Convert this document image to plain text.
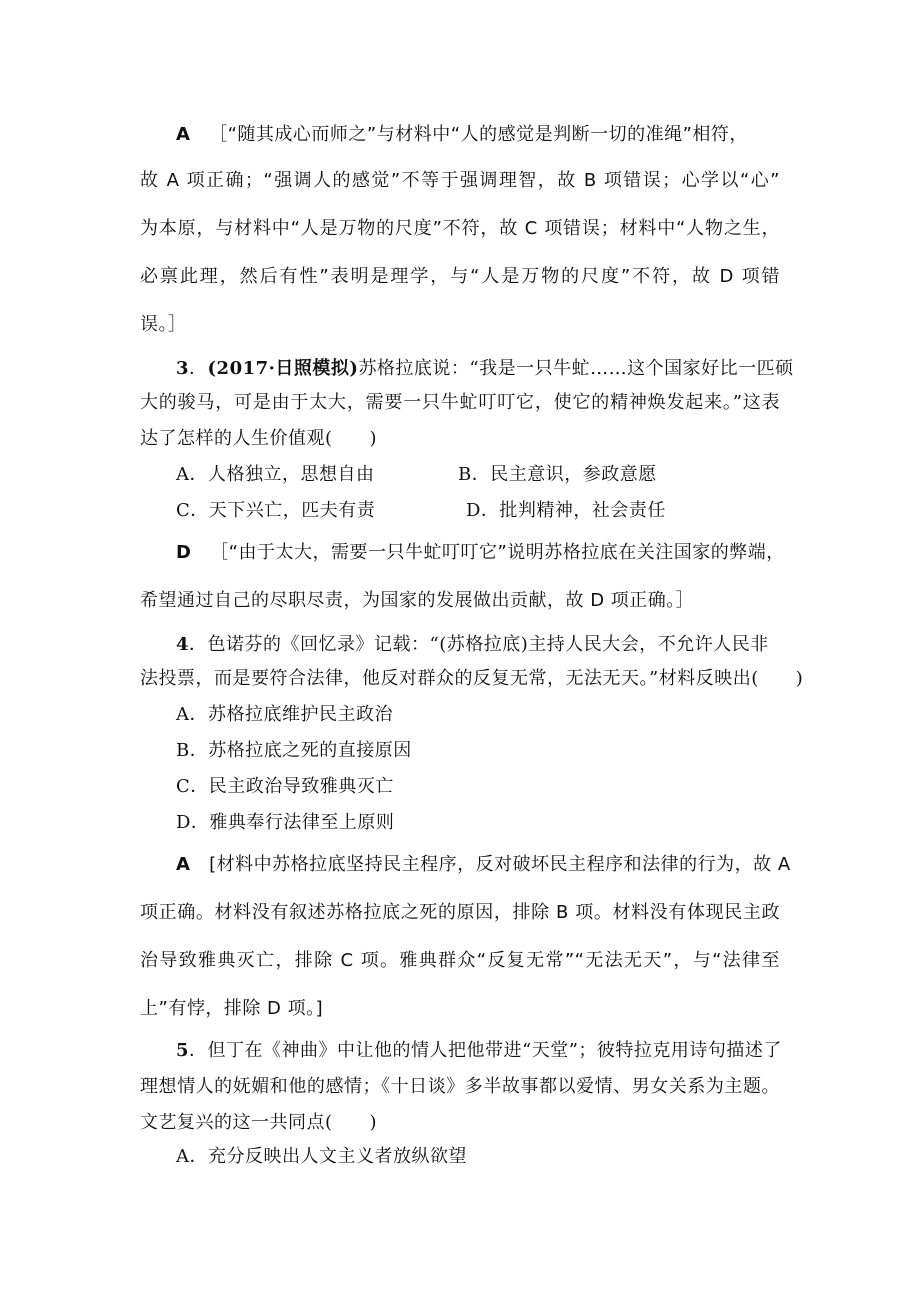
A ［“随其成心而师之”与材料中“人的感觉是判断一切的准绳”相符，
故 A 项正确；“强调人的感觉”不等于强调理智，故 B 项错误；心学以“心”
为本原，与材料中“人是万物的尺度”不符，故 C 项错误；材料中“人物之生，
必禀此理，然后有性”表明是理学，与“人是万物的尺度”不符，故 D 项错
误。］
3．(2017·日照模拟)苏格拉底说：“我是一只牛虻……这个国家好比一匹硕
大的骏马，可是由于太大，需要一只牛虻叮叮它，使它的精神焕发起来。”这表
达了怎样的人生价值观(　　)
A．人格独立，思想自由	B．民主意识，参政意愿
C．天下兴亡，匹夫有责	D．批判精神，社会责任
D ［“由于太大，需要一只牛虻叮叮它”说明苏格拉底在关注国家的弊端，
希望通过自己的尽职尽责，为国家的发展做出贡献，故 D 项正确。］
4．色诺芬的《回忆录》记载：“(苏格拉底)主持人民大会，不允许人民非
法投票，而是要符合法律，他反对群众的反复无常，无法无天。”材料反映出(　　)
A．苏格拉底维护民主政治
B．苏格拉底之死的直接原因
C．民主政治导致雅典灭亡
D．雅典奉行法律至上原则
A [材料中苏格拉底坚持民主程序，反对破坏民主程序和法律的行为，故 A
项正确。材料没有叙述苏格拉底之死的原因，排除 B 项。材料没有体现民主政
治导致雅典灭亡，排除 C 项。雅典群众“反复无常”“无法无天”，与“法律至
上”有悖，排除 D 项。]
5．但丁在《神曲》中让他的情人把他带进“天堂”；彼特拉克用诗句描述了
理想情人的妩媚和他的感情；《十日谈》多半故事都以爱情、男女关系为主题。
文艺复兴的这一共同点(　　)
A．充分反映出人文主义者放纵欲望
